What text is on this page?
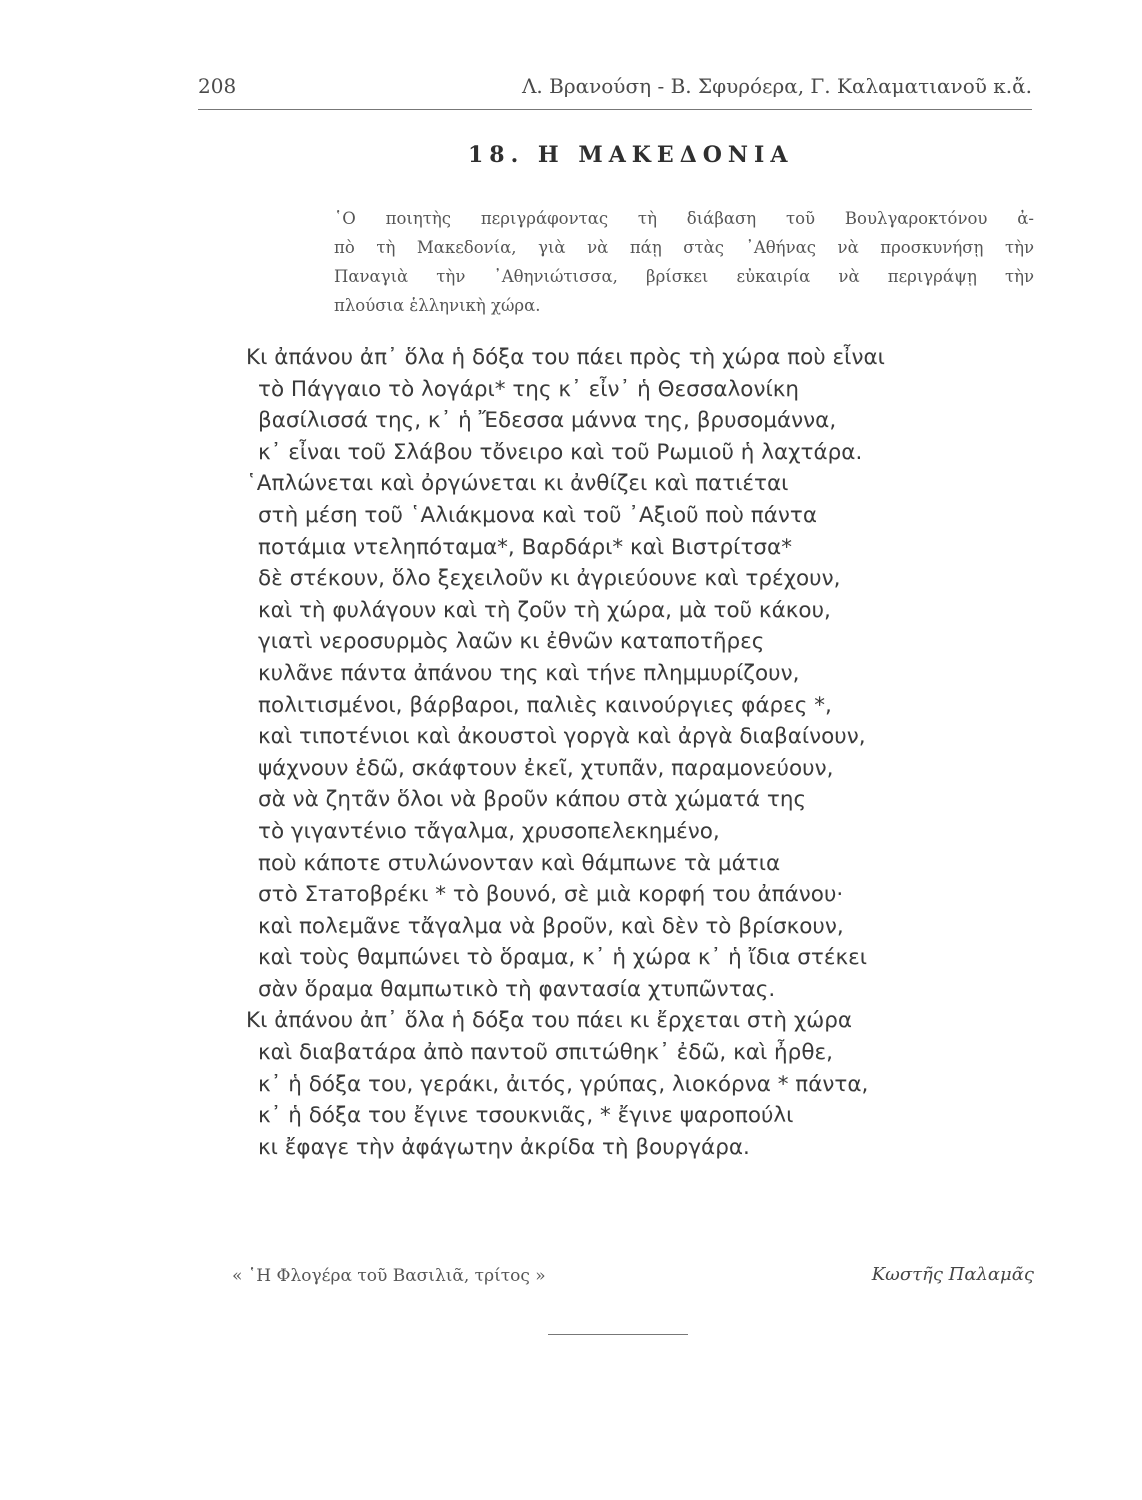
208	Λ. Βρανούση - Β. Σφυρόερα, Γ. Καλαματιανοῦ κ.ἄ.
18. Η ΜΑΚΕΔΟΝΙΑ
῾Ο ποιητὴς περιγράφοντας τὴ διάβαση τοῦ Βουλγαροκτόνου ἀ-
πὸ τὴ Μακεδονία, γιὰ νὰ πάῃ στὰς ᾿Αθήνας νὰ προσκυνήσῃ τὴν
Παναγιὰ τὴν ᾿Αθηνιώτισσα, βρίσκει εὐκαιρία νὰ περιγράψῃ τὴν
πλούσια ἑλληνικὴ χώρα.
Κι ἀπάνου ἀπ᾿ ὅλα ἡ δόξα του πάει πρὸς τὴ χώρα ποὺ εἶναι
τὸ Πάγγαιο τὸ λογάρι* της κ᾿ εἶν᾿ ἡ Θεσσαλονίκη
βασίλισσά της, κ᾿ ἡ Ἔδεσσα μάννα της, βρυσομάννα,
κ᾿ εἶναι τοῦ Σλάβου τὄνειρο καὶ τοῦ Ρωμιοῦ ἡ λαχτάρα.
῾Απλώνεται καὶ ὀργώνεται κι ἀνθίζει καὶ πατιέται
στὴ μέση τοῦ ῾Αλιάκμονα καὶ τοῦ ᾿Αξιοῦ ποὺ πάντα
ποτάμια ντεληπόταμα*, Βαρδάρι* καὶ Βιστρίτσα*
δὲ στέκουν, ὅλο ξεχειλοῦν κι ἀγριεύουνε καὶ τρέχουν,
καὶ τὴ φυλάγουν καὶ τὴ ζοῦν τὴ χώρα, μὰ τοῦ κάκου,
γιατὶ νεροσυρμὸς λαῶν κι ἐθνῶν καταποτῆρες
κυλᾶνε πάντα ἀπάνου της καὶ τήνε πλημμυρίζουν,
πολιτισμένοι, βάρβαροι, παλιὲς καινούργιες φάρες *,
καὶ τιποτένιοι καὶ ἀκουστοὶ γοργὰ καὶ ἀργὰ διαβαίνουν,
ψάχνουν ἐδῶ, σκάφτουν ἐκεῖ, χτυπᾶν, παραμονεύουν,
σὰ νὰ ζητᾶν ὅλοι νὰ βροῦν κάπου στὰ χώματά της
τὸ γιγαντένιο τἄγαλμα, χρυσοπελεκημένο,
ποὺ κάποτε στυλώνονταν καὶ θάμπωνε τὰ μάτια
στὸ Σтатοβρέκι * τὸ βουνό, σὲ μιὰ κορφή του ἀπάνου·
καὶ πολεμᾶνε τἄγαλμα νὰ βροῦν, καὶ δὲν τὸ βρίσκουν,
καὶ τοὺς θαμπώνει τὸ ὅραμα, κ᾿ ἡ χώρα κ᾿ ἡ ἴδια στέκει
σὰν ὅραμα θαμπωτικὸ τὴ φαντασία χτυπῶντας.
Κι ἀπάνου ἀπ᾿ ὅλα ἡ δόξα του πάει κι ἔρχεται στὴ χώρα
καὶ διαβατάρα ἀπὸ παντοῦ σπιτώθηκ᾿ ἐδῶ, καὶ ἦρθε,
κ᾿ ἡ δόξα του, γεράκι, ἀιτός, γρύπας, λιοκόρνα * πάντα,
κ᾿ ἡ δόξα του ἔγινε τσουκνιᾶς, * ἔγινε ψαροπούλι
κι ἔφαγε τὴν ἀφάγωτην ἀκρίδα τὴ βουργάρα.
« ῾Η Φλογέρα τοῦ Βασιλιᾶ, τρίτος »	Κωστῆς Παλαμᾶς
